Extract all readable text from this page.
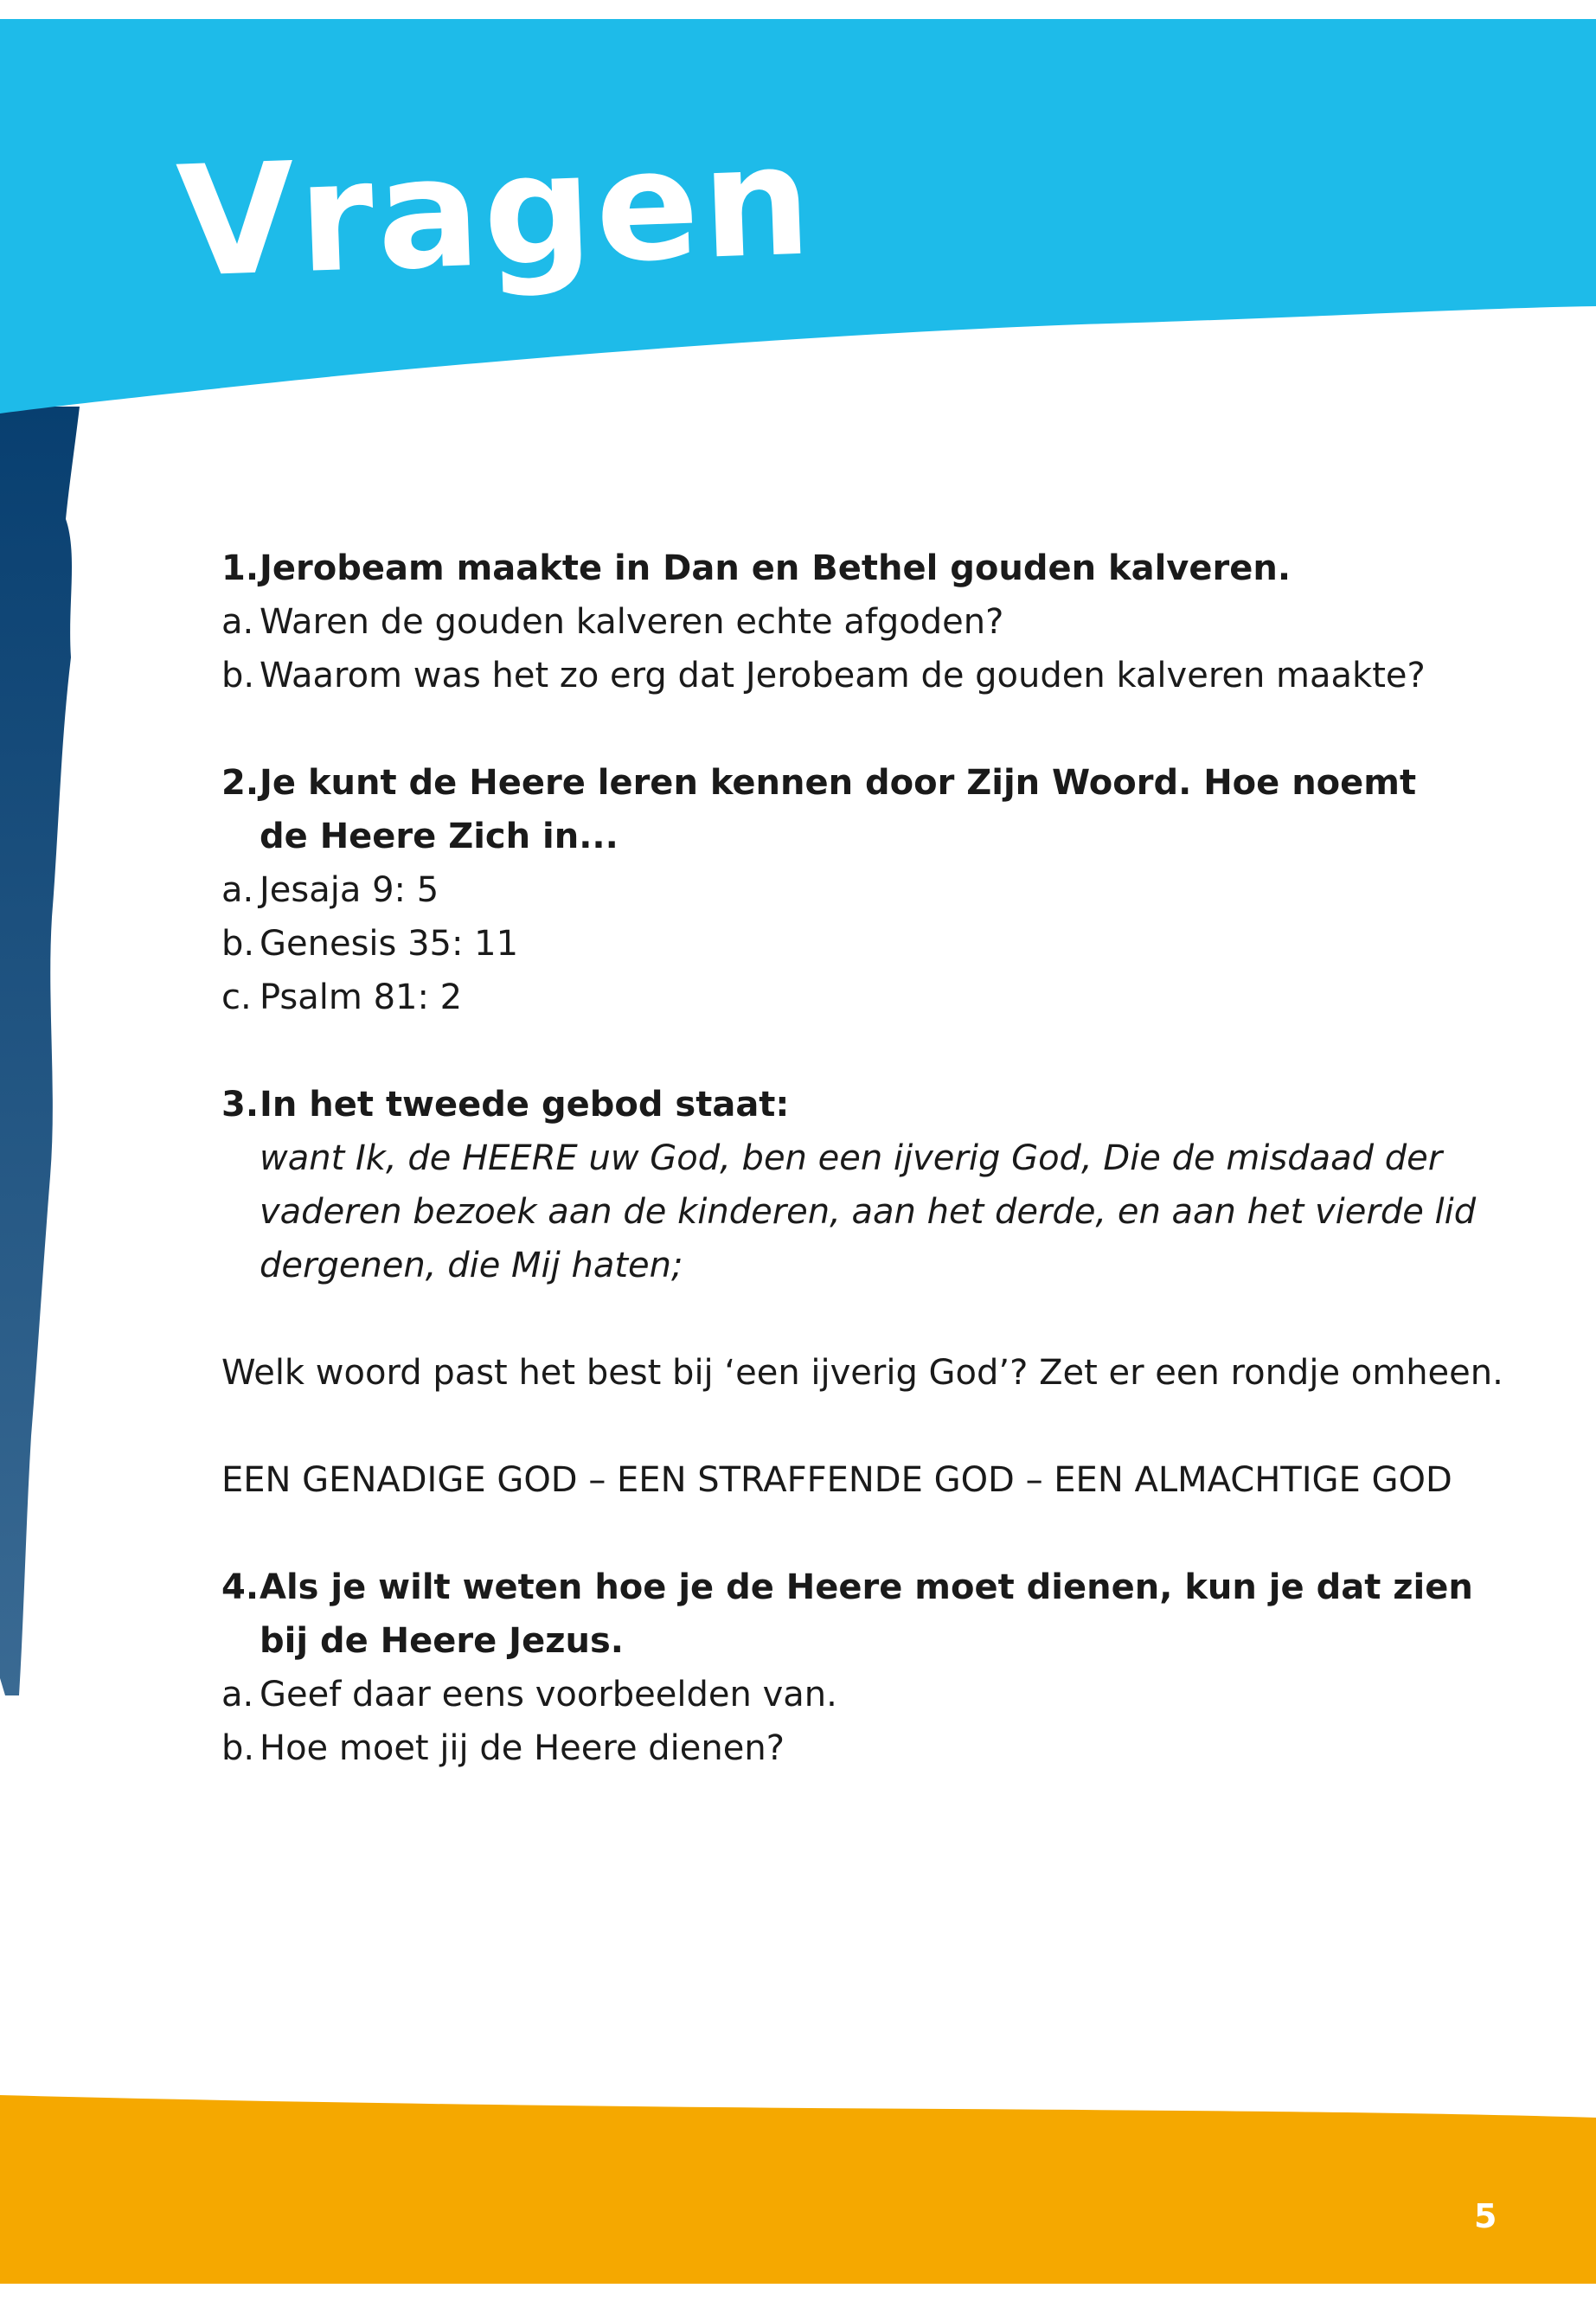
Vragen
1. Jerobeam maakte in Dan en Bethel gouden kalveren.
a. Waren de gouden kalveren echte afgoden?
b. Waarom was het zo erg dat Jerobeam de gouden kalveren maakte?
2. Je kunt de Heere leren kennen door Zijn Woord. Hoe noemt de Heere Zich in...
a. Jesaja 9: 5
b. Genesis 35: 11
c. Psalm 81: 2
3. In het tweede gebod staat:
want Ik, de HEERE uw God, ben een ijverig God, Die de misdaad der vaderen bezoek aan de kinderen, aan het derde, en aan het vierde lid dergenen, die Mij haten;
Welk woord past het best bij ‘een ijverig God’? Zet er een rondje omheen.
EEN GENADIGE GOD – EEN STRAFFENDE GOD – EEN ALMACHTIGE GOD
4. Als je wilt weten hoe je de Heere moet dienen, kun je dat zien bij de Heere Jezus.
a. Geef daar eens voorbeelden van.
b. Hoe moet jij de Heere dienen?
5
